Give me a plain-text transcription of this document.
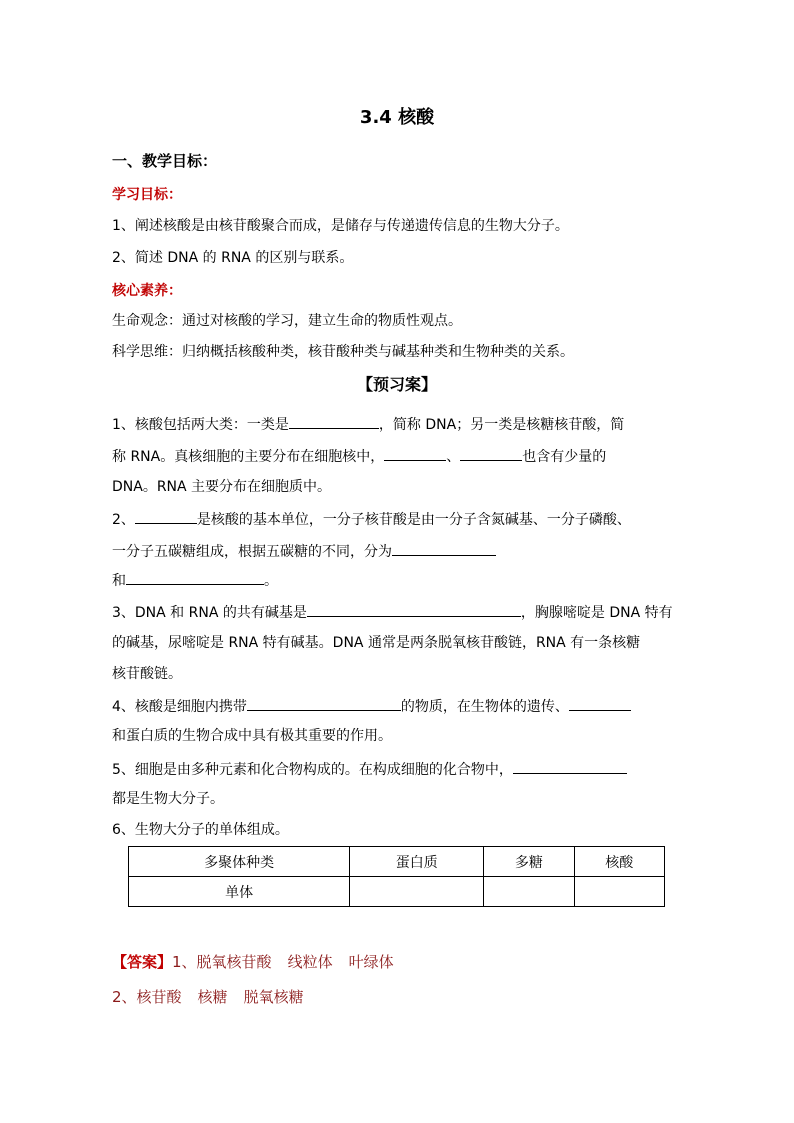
3.4 核酸
一、教学目标：
学习目标：
1、阐述核酸是由核苷酸聚合而成，是储存与传递遗传信息的生物大分子。
2、简述 DNA 的 RNA 的区别与联系。
核心素养：
生命观念：通过对核酸的学习，建立生命的物质性观点。
科学思维：归纳概括核酸种类，核苷酸种类与碱基种类和生物种类的关系。
【预习案】
1、核酸包括两大类：一类是	，简称 DNA；另一类是核糖核苷酸，简
称 RNA。真核细胞的主要分布在细胞核中，	、	也含有少量的
DNA。RNA 主要分布在细胞质中。
2、	是核酸的基本单位，一分子核苷酸是由一分子含氮碱基、一分子磷酸、
一分子五碳糖组成，根据五碳糖的不同，分为
和	。
3、DNA 和 RNA 的共有碱基是	，胸腺嘧啶是 DNA 特有
的碱基，尿嘧啶是 RNA 特有碱基。DNA 通常是两条脱氧核苷酸链，RNA 有一条核糖
核苷酸链。
4、核酸是细胞内携带	的物质，在生物体的遗传、
和蛋白质的生物合成中具有极其重要的作用。
5、细胞是由多种元素和化合物构成的。在构成细胞的化合物中，
都是生物大分子。
6、生物大分子的单体组成。
多聚体种类	蛋白质	多糖	核酸
单体			
【答案】1、脱氧核苷酸 线粒体 叶绿体
2、核苷酸 核糖 脱氧核糖
